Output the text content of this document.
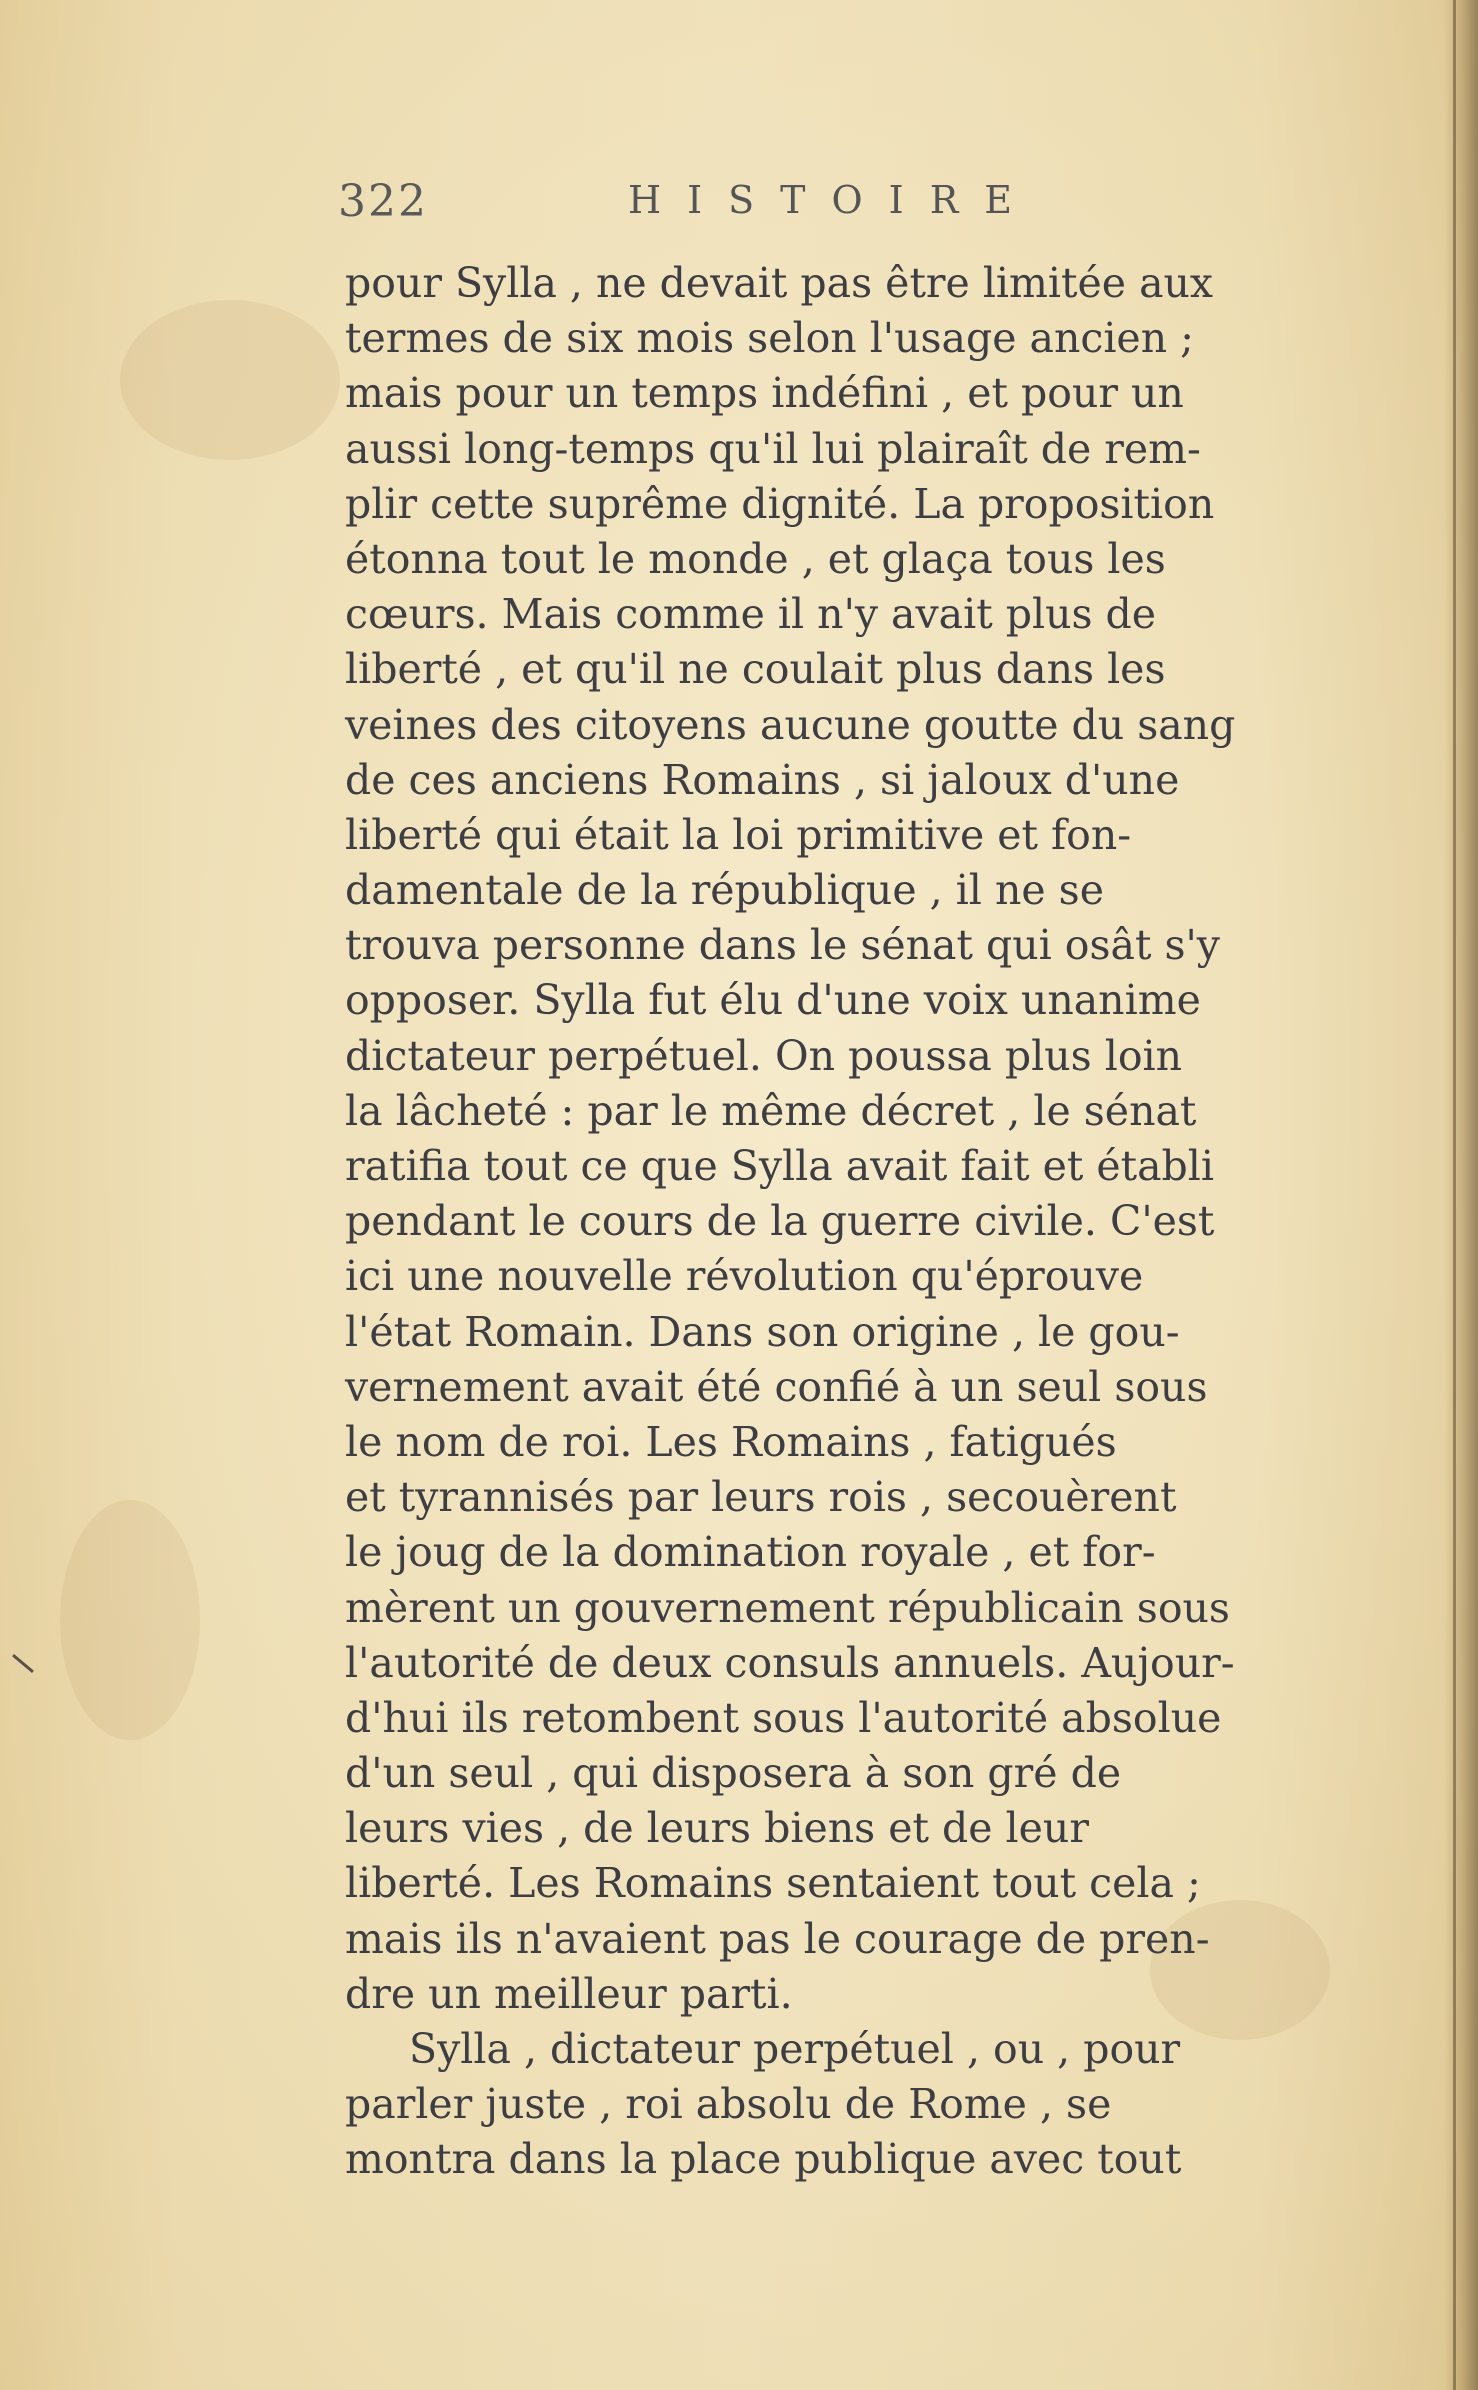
322	HISTOIRE
pour Sylla , ne devait pas être limitée aux
termes de six mois selon l'usage ancien ;
mais pour un temps indéfini , et pour un
aussi long-temps qu'il lui plairaît de rem-
plir cette suprême dignité. La proposition
étonna tout le monde , et glaça tous les
cœurs. Mais comme il n'y avait plus de
liberté , et qu'il ne coulait plus dans les
veines des citoyens aucune goutte du sang
de ces anciens Romains , si jaloux d'une
liberté qui était la loi primitive et fon-
damentale de la république , il ne se
trouva personne dans le sénat qui osât s'y
opposer. Sylla fut élu d'une voix unanime
dictateur perpétuel. On poussa plus loin
la lâcheté : par le même décret , le sénat
ratifia tout ce que Sylla avait fait et établi
pendant le cours de la guerre civile. C'est
ici une nouvelle révolution qu'éprouve
l'état Romain. Dans son origine , le gou-
vernement avait été confié à un seul sous
le nom de roi. Les Romains , fatigués
et tyrannisés par leurs rois , secouèrent
le joug de la domination royale , et for-
mèrent un gouvernement républicain sous
l'autorité de deux consuls annuels. Aujour-
d'hui ils retombent sous l'autorité absolue
d'un seul , qui disposera à son gré de
leurs vies , de leurs biens et de leur
liberté. Les Romains sentaient tout cela ;
mais ils n'avaient pas le courage de pren-
dre un meilleur parti.
Sylla , dictateur perpétuel , ou , pour
parler juste , roi absolu de Rome , se
montra dans la place publique avec tout
